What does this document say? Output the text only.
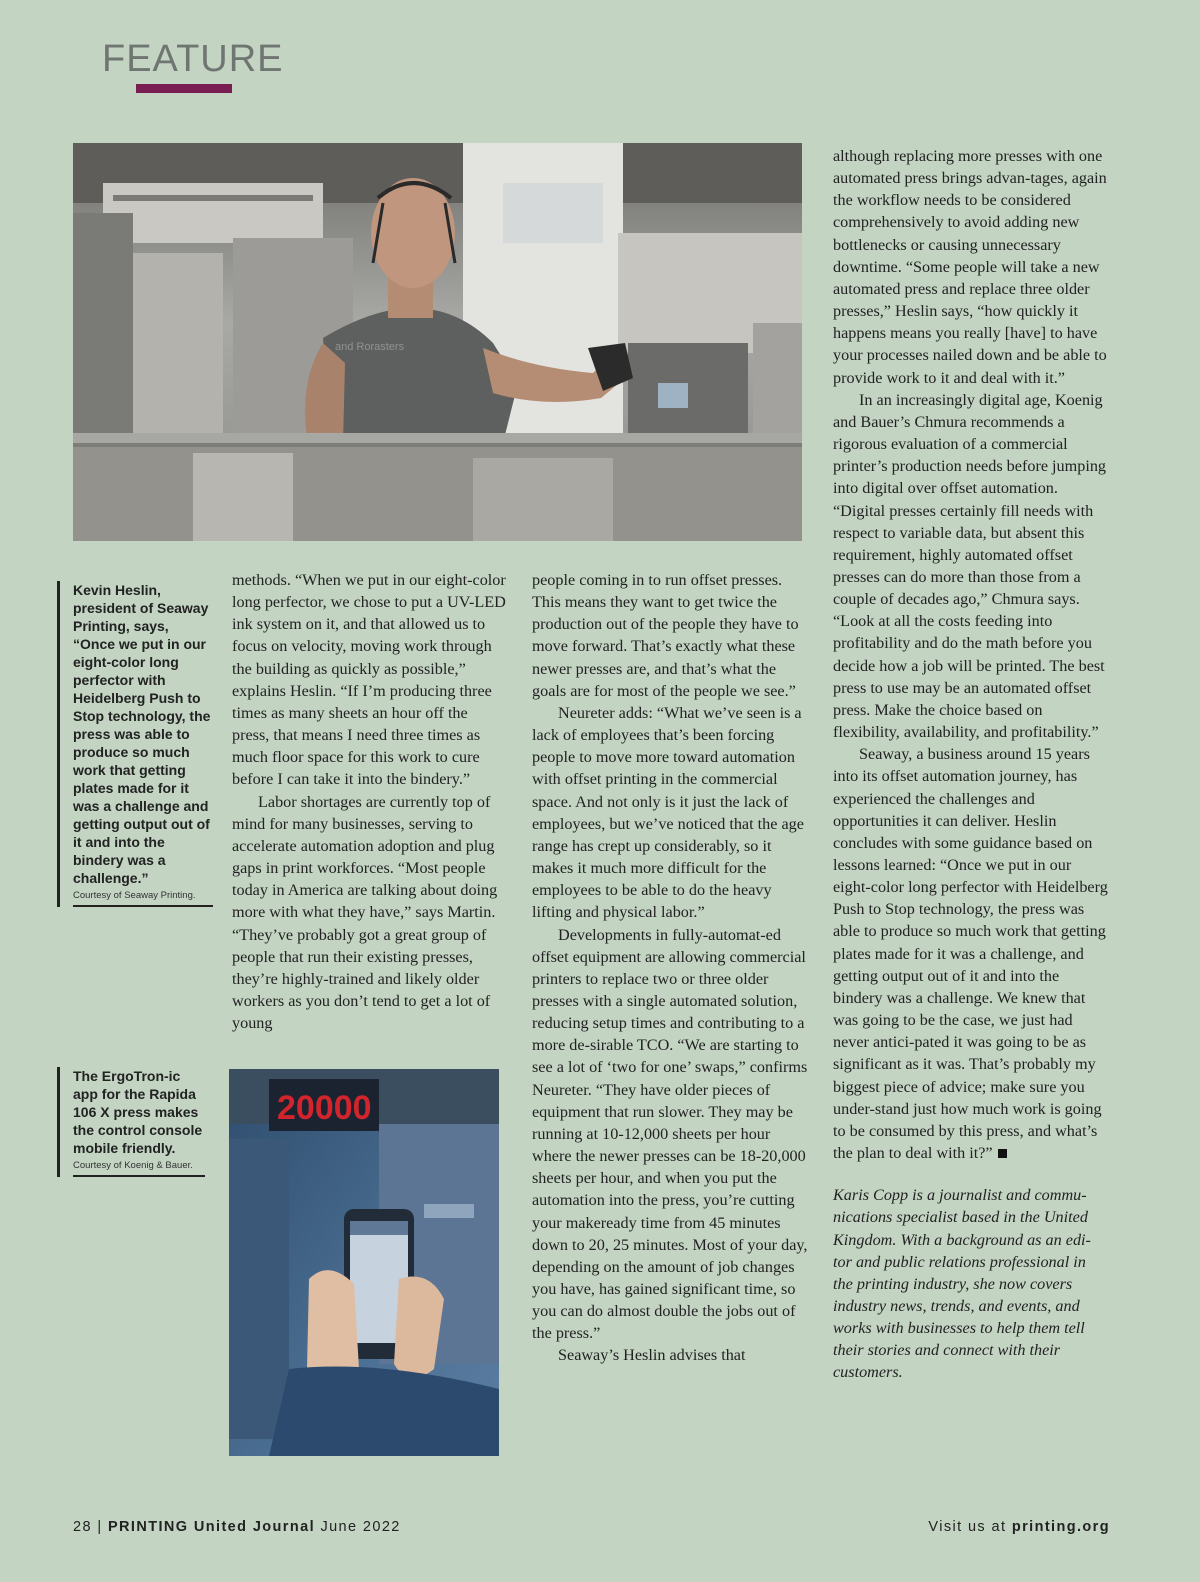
FEATURE
and Rorasters
20000
Kevin Heslin, president of Seaway Printing, says, “Once we put in our eight-color long perfector with Heidelberg Push to Stop technology, the press was able to produce so much work that getting plates made for it was a challenge and getting output out of it and into the bindery was a challenge.”
Courtesy of Seaway Printing.
The ErgoTron-ic app for the Rapida 106 X press makes the control console mobile friendly.
Courtesy of Koenig & Bauer.

methods. “When we put in our eight-color long perfector, we chose to put a UV-LED ink system on it, and that allowed us to focus on velocity, moving work through the building as quickly as possible,” explains Heslin. “If I’m producing three times as many sheets an hour off the press, that means I need three times as much floor space for this work to cure before I can take it into the bindery.”

Labor shortages are currently top of mind for many businesses, serving to accelerate automation adoption and plug gaps in print workforces. “Most people today in America are talking about doing more with what they have,” says Martin. “They’ve probably got a great group of people that run their existing presses, they’re highly-trained and likely older workers as you don’t tend to get a lot of young

people coming in to run offset presses. This means they want to get twice the production out of the people they have to move forward. That’s exactly what these newer presses are, and that’s what the goals are for most of the people we see.”

Neureter adds: “What we’ve seen is a lack of employees that’s been forcing people to move more toward automation with offset printing in the commercial space. And not only is it just the lack of employees, but we’ve noticed that the age range has crept up considerably, so it makes it much more difficult for the employees to be able to do the heavy lifting and physical labor.”

Developments in fully-automat-ed offset equipment are allowing commercial printers to replace two or three older presses with a single automated solution, reducing setup times and contributing to a more de-sirable TCO. “We are starting to see a lot of ‘two for one’ swaps,” confirms Neureter. “They have older pieces of equipment that run slower. They may be running at 10-12,000 sheets per hour where the newer presses can be 18-20,000 sheets per hour, and when you put the automation into the press, you’re cutting your makeready time from 45 minutes down to 20, 25 minutes. Most of your day, depending on the amount of job changes you have, has gained significant time, so you can do almost double the jobs out of the press.”

Seaway’s Heslin advises that

although replacing more presses with one automated press brings advan-tages, again the workflow needs to be considered comprehensively to avoid adding new bottlenecks or causing unnecessary downtime. “Some people will take a new automated press and replace three older presses,” Heslin says, “how quickly it happens means you really [have] to have your processes nailed down and be able to provide work to it and deal with it.”

In an increasingly digital age, Koenig and Bauer’s Chmura recommends a rigorous evaluation of a commercial printer’s production needs before jumping into digital over offset automation. “Digital presses certainly fill needs with respect to variable data, but absent this requirement, highly automated offset presses can do more than those from a couple of decades ago,” Chmura says. “Look at all the costs feeding into profitability and do the math before you decide how a job will be printed. The best press to use may be an automated offset press. Make the choice based on flexibility, availability, and profitability.”

Seaway, a business around 15 years into its offset automation journey, has experienced the challenges and opportunities it can deliver. Heslin concludes with some guidance based on lessons learned: “Once we put in our eight-color long perfector with Heidelberg Push to Stop technology, the press was able to produce so much work that getting plates made for it was a challenge, and getting output out of it and into the bindery was a challenge. We knew that was going to be the case, we just had never antici-pated it was going to be as significant as it was. That’s probably my biggest piece of advice; make sure you under-stand just how much work is going to be consumed by this press, and what’s the plan to deal with it?”

Karis Copp is a journalist and commu-nications specialist based in the United Kingdom. With a background as an edi-tor and public relations professional in the printing industry, she now covers industry news, trends, and events, and works with businesses to help them tell their stories and connect with their customers.

28 | PRINTING United Journal June 2022	Visit us at printing.org
